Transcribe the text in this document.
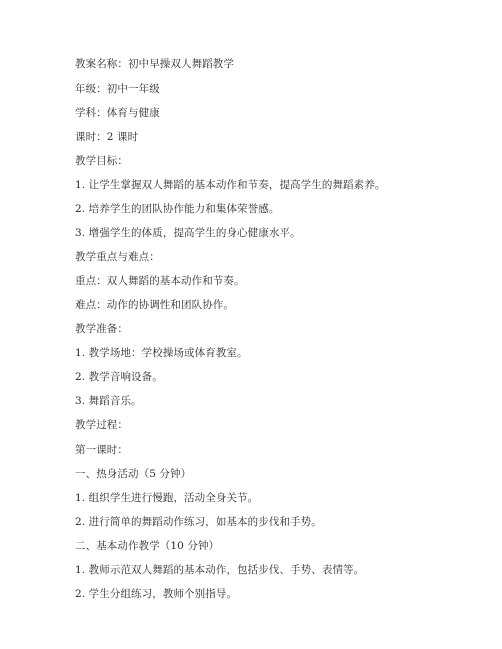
教案名称：初中早操双人舞蹈教学
年级：初中一年级
学科：体育与健康
课时：2 课时
教学目标：
1. 让学生掌握双人舞蹈的基本动作和节奏，提高学生的舞蹈素养。
2. 培养学生的团队协作能力和集体荣誉感。
3. 增强学生的体质，提高学生的身心健康水平。
教学重点与难点：
重点：双人舞蹈的基本动作和节奏。
难点：动作的协调性和团队协作。
教学准备：
1. 教学场地：学校操场或体育教室。
2. 教学音响设备。
3. 舞蹈音乐。
教学过程：
第一课时：
一、热身活动（5 分钟）
1. 组织学生进行慢跑，活动全身关节。
2. 进行简单的舞蹈动作练习，如基本的步伐和手势。
二、基本动作教学（10 分钟）
1. 教师示范双人舞蹈的基本动作，包括步伐、手势、表情等。
2. 学生分组练习，教师个别指导。
